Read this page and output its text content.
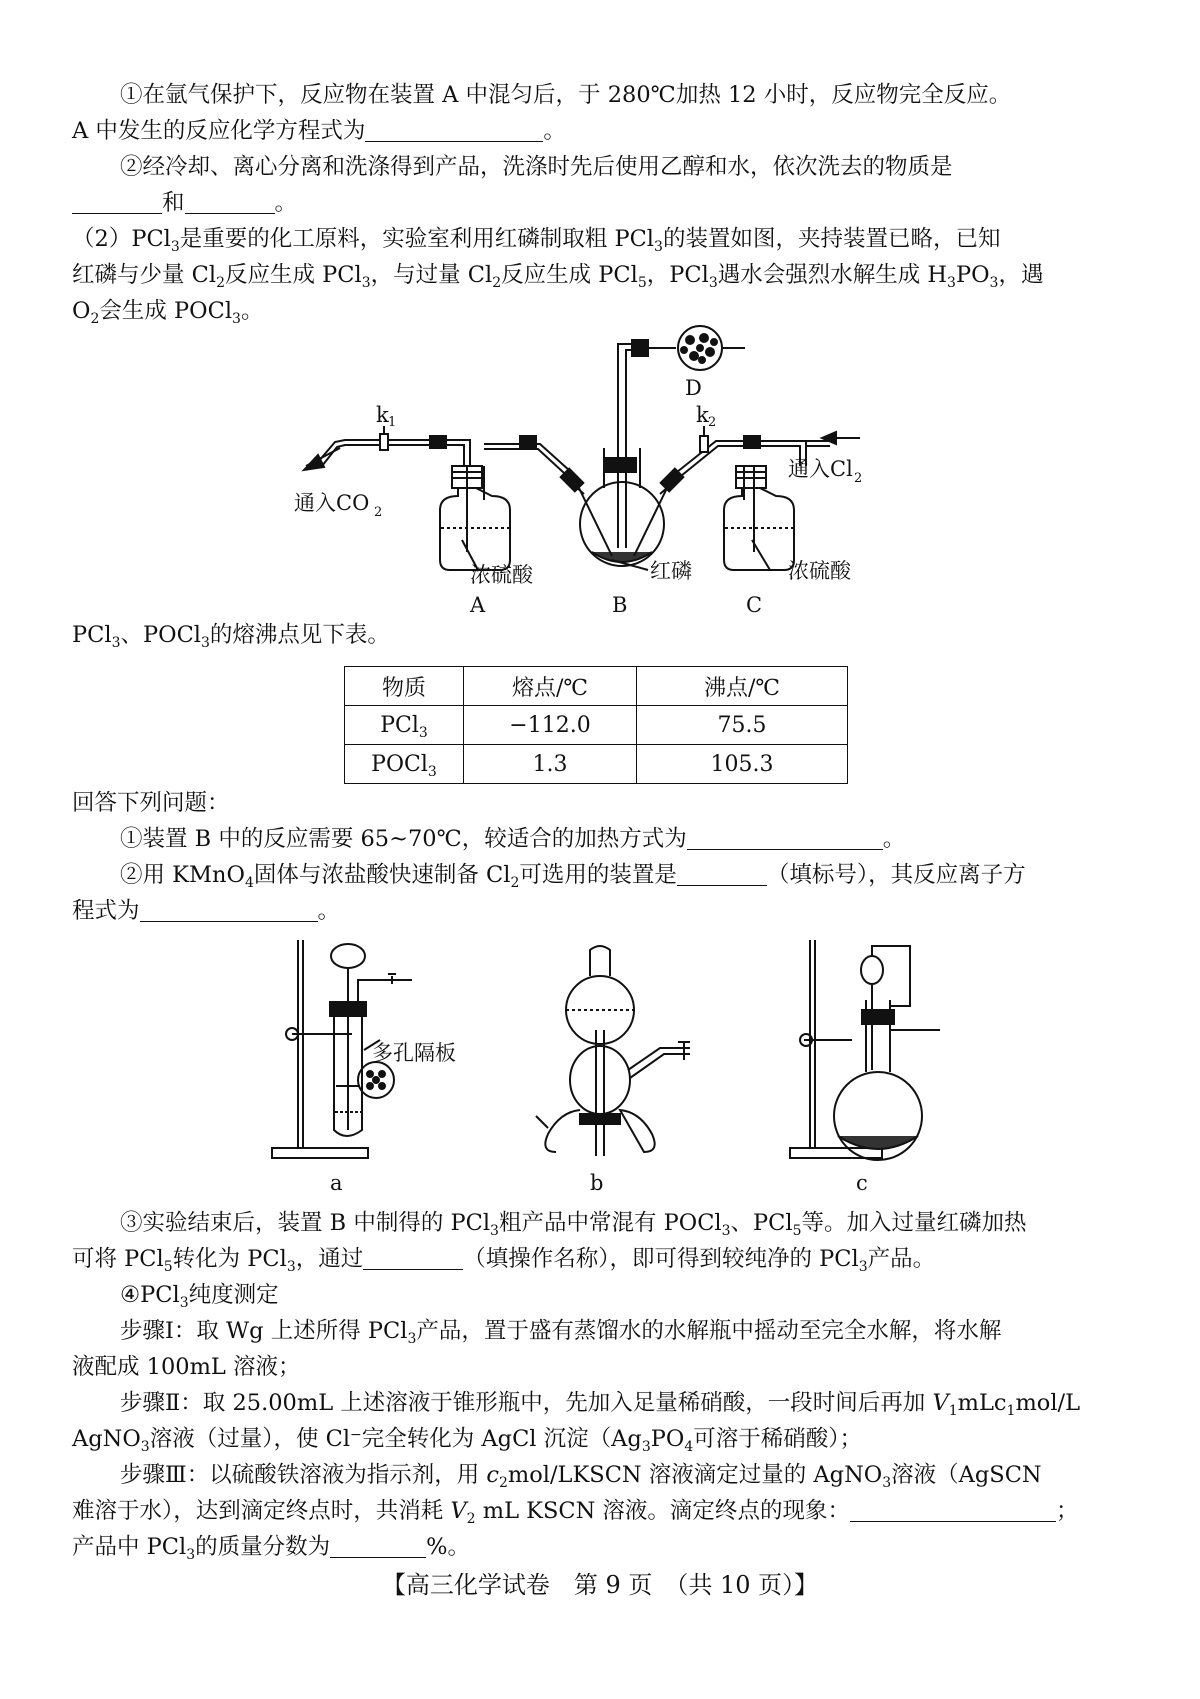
①在氩气保护下，反应物在装置 A 中混匀后，于 280℃加热 12 小时，反应物完全反应。
A 中发生的反应化学方程式为	。
②经冷却、离心分离和洗涤得到产品，洗涤时先后使用乙醇和水，依次洗去的物质是
和	。
（2）PCl$_3$是重要的化工原料，实验室利用红磷制取粗 PCl$_3$的装置如图，夹持装置已略，已知
红磷与少量 $Cl_2$反应生成 PCl$_3$，与过量 $Cl_2$反应生成 PCl$_5$，PCl$_3$遇水会强烈水解生成 $H_3PO_3$，遇
$O_2$会生成 POCl$_3$。
D
k 1	k 2
通入CO 2
通入Cl 2
浓硫酸	浓硫酸
红磷
A	B	C
PCl$_3$、POCl$_3$的熔沸点见下表。
物质	熔点/℃	沸点/℃
PCl$_3$	−112.0	75.5
POCl$_3$	1.3	105.3
回答下列问题：
①装置 B 中的反应需要 65~70℃，较适合的加热方式为	。
②用 KMnO$_4$固体与浓盐酸快速制备 $Cl_2$可选用的装置是	（填标号），其反应离子方
程式为	。
多孔隔板
a	b	c
③实验结束后，装置 B 中制得的 PCl$_3$粗产品中常混有 POCl$_3$、PCl$_5$等。加入过量红磷加热
可将 PCl$_5$转化为 PCl$_3$，通过	（填操作名称），即可得到较纯净的 PCl$_3$产品。
④PCl$_3$纯度测定
步骤Ⅰ：取 Wg 上述所得 PCl$_3$产品，置于盛有蒸馏水的水解瓶中摇动至完全水解，将水解
液配成 100mL 溶液；
步骤Ⅱ：取 25.00mL 上述溶液于锥形瓶中，先加入足量稀硝酸，一段时间后再加 $V_1mLc_1mol/L$
AgNO$_3$溶液（过量），使 Cl−完全转化为 AgCl 沉淀（$Ag_3PO_4$可溶于稀硝酸）；
步骤Ⅲ：以硫酸铁溶液为指示剂，用 $c_2mol$/LKSCN 溶液滴定过量的 AgNO$_3$溶液（AgSCN
难溶于水），达到滴定终点时，共消耗 $V_2$ mL KSCN 溶液。滴定终点的现象：	；
产品中 PCl$_3$的质量分数为	%。
【高三化学试卷　第 9 页　（共 10 页）】
